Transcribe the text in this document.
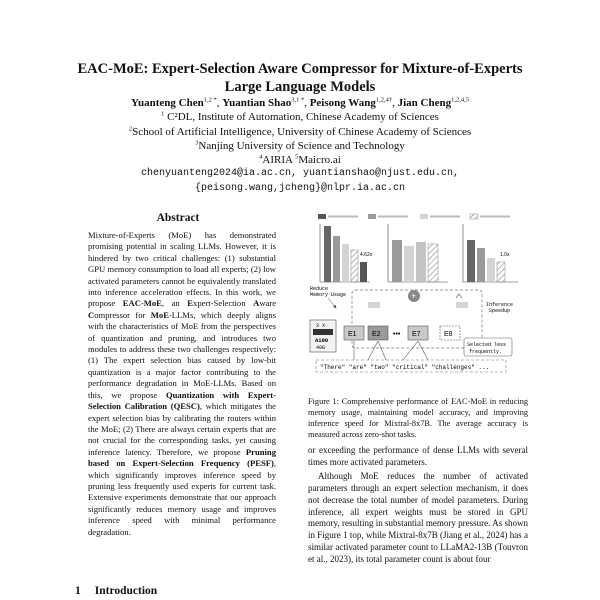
EAC-MoE: Expert-Selection Aware Compressor for Mixture-of-Experts
Large Language Models
Yuanteng Chen$^{1,2 *}$, Yuantian Shao$^{3,1 *}$, Peisong Wang$^{1,2,4\dagger}$, Jian Cheng$^{1,2,4,5}$
$^1$ C²DL, Institute of Automation, Chinese Academy of Sciences
$^2$School of Artificial Intelligence, University of Chinese Academy of Sciences
$^3$Nanjing University of Science and Technology
$^4$AIRIA $^5$Maicro.ai
chenyuanteng2024@ia.ac.cn, yuantianshao@njust.edu.cn,
{peisong.wang,jcheng}@nlpr.ia.ac.cn
Abstract

Mixture-of-Experts (MoE) has demonstrated promising potential in scaling LLMs. However, it is hindered by two critical challenges: (1) substantial GPU memory consumption to load all experts; (2) low activated parameters cannot be equivalently translated into inference acceleration effects. In this work, we propose EAC-MoE, an Expert-Selection Aware Compressor for MoE-LLMs, which deeply aligns with the characteristics of MoE from the perspectives of quantization and pruning, and introduces two modules to address these two challenges respectively: (1) The expert selection bias caused by low-bit quantization is a major factor contributing to the performance degradation in MoE-LLMs. Based on this, we propose Quantization with Expert-Selection Calibration (QESC), which mitigates the expert selection bias by calibrating the routers within the MoE; (2) There are always certain experts that are not crucial for the corresponding tasks, yet causing inference latency. Therefore, we propose Pruning based on Expert-Selection Frequency (PESF), which significantly improves inference speed by pruning less frequently used experts for current task. Extensive experiments demonstrate that our approach significantly reduces memory usage and improves inference speed with minimal performance degradation.

1 Introduction
4.62x	1.0x
Reduce
Memory Usage
Inference
Speedup
+
3 X
A100
40G
E1 E2 ••• E7	E8
Selected less
frequently.
"There" "are" "two" "critical" "challenges" ...

Figure 1: Comprehensive performance of EAC-MoE in reducing memory usage, maintaining model accuracy, and improving inference speed for Mixtral-8x7B. The average accuracy is measured across zero-shot tasks.

or exceeding the performance of dense LLMs with several times more activated parameters.

Although MoE reduces the number of activated parameters through an expert selection mechanism, it does not decrease the total number of model parameters. During inference, all expert weights must be stored in GPU memory, resulting in substantial memory pressure. As shown in Figure 1 top, while Mixtral-8x7B (Jiang et al., 2024) has a similar activated parameter count to LLaMA2-13B (Touvron et al., 2023), its total parameter count is about four
